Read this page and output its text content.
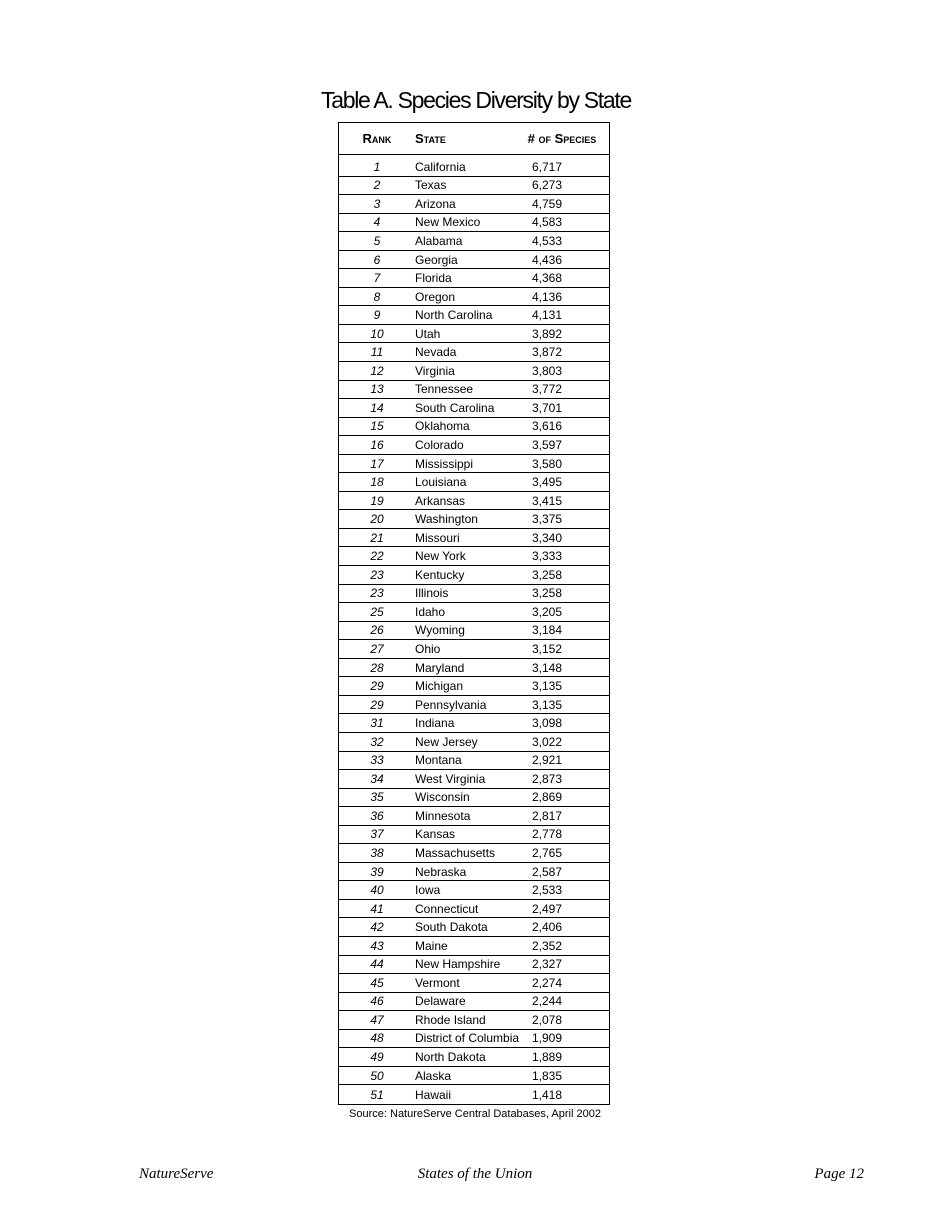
Table A. Species Diversity by State
Rank	State	# of Species
1	California	6,717
2	Texas	6,273
3	Arizona	4,759
4	New Mexico	4,583
5	Alabama	4,533
6	Georgia	4,436
7	Florida	4,368
8	Oregon	4,136
9	North Carolina	4,131
10	Utah	3,892
11	Nevada	3,872
12	Virginia	3,803
13	Tennessee	3,772
14	South Carolina	3,701
15	Oklahoma	3,616
16	Colorado	3,597
17	Mississippi	3,580
18	Louisiana	3,495
19	Arkansas	3,415
20	Washington	3,375
21	Missouri	3,340
22	New York	3,333
23	Kentucky	3,258
23	Illinois	3,258
25	Idaho	3,205
26	Wyoming	3,184
27	Ohio	3,152
28	Maryland	3,148
29	Michigan	3,135
29	Pennsylvania	3,135
31	Indiana	3,098
32	New Jersey	3,022
33	Montana	2,921
34	West Virginia	2,873
35	Wisconsin	2,869
36	Minnesota	2,817
37	Kansas	2,778
38	Massachusetts	2,765
39	Nebraska	2,587
40	Iowa	2,533
41	Connecticut	2,497
42	South Dakota	2,406
43	Maine	2,352
44	New Hampshire	2,327
45	Vermont	2,274
46	Delaware	2,244
47	Rhode Island	2,078
48	District of Columbia	1,909
49	North Dakota	1,889
50	Alaska	1,835
51	Hawaii	1,418
Source: NatureServe Central Databases, April 2002
NatureServe	States of the Union	Page 12
